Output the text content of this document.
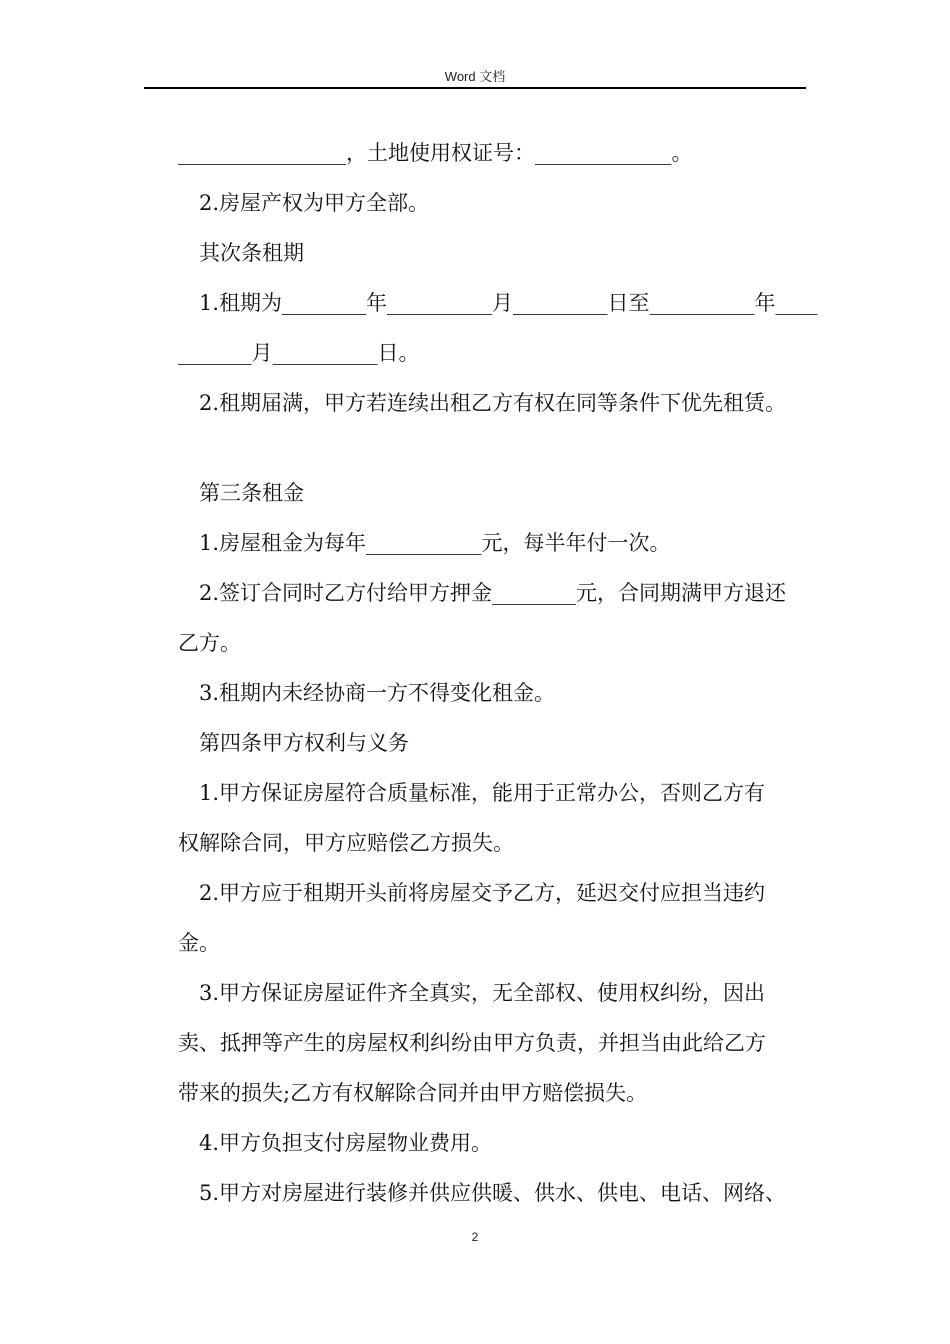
Word 文档

________________，土地使用权证号：_____________。

2.房屋产权为甲方全部。

其次条租期

1.租期为________年__________月_________日至__________年____

_______月__________日。

2.租期届满，甲方若连续出租乙方有权在同等条件下优先租赁。

第三条租金

1.房屋租金为每年___________元，每半年付一次。

2.签订合同时乙方付给甲方押金________元，合同期满甲方退还

乙方。

3.租期内未经协商一方不得变化租金。

第四条甲方权利与义务

1.甲方保证房屋符合质量标准，能用于正常办公，否则乙方有

权解除合同，甲方应赔偿乙方损失。

2.甲方应于租期开头前将房屋交予乙方，延迟交付应担当违约

金。

3.甲方保证房屋证件齐全真实，无全部权、使用权纠纷，因出

卖、抵押等产生的房屋权利纠纷由甲方负责，并担当由此给乙方

带来的损失;乙方有权解除合同并由甲方赔偿损失。

4.甲方负担支付房屋物业费用。

5.甲方对房屋进行装修并供应供暖、供水、供电、电话、网络、

2
